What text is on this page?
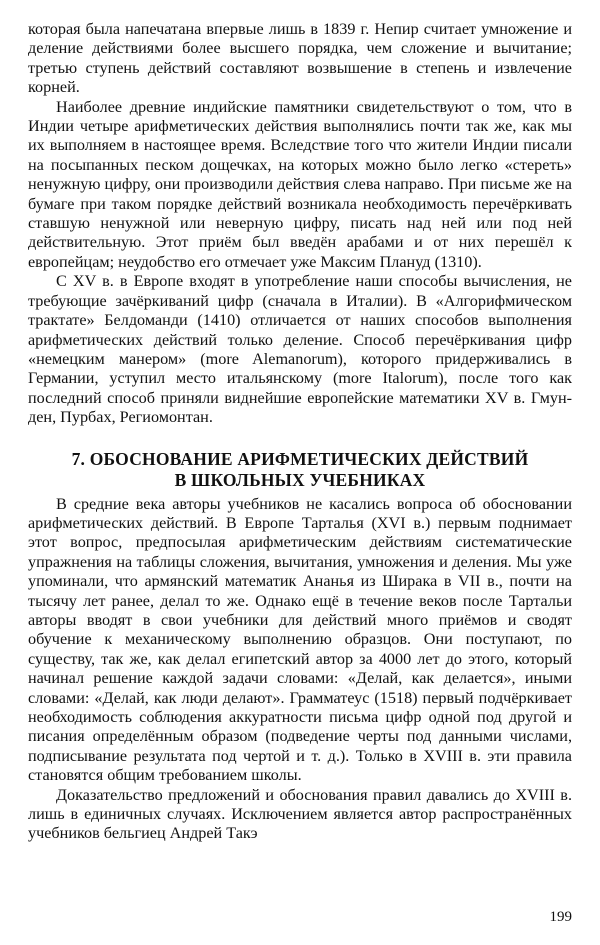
которая была напечатана впервые лишь в 1839 г. Непир считает умножение и деление действиями более высшего порядка, чем сложение и вычитание; третью ступень действий составляют возвышение в степень и извлечение корней.

Наиболее древние индийские памятники свидетельствуют о том, что в Индии четыре арифметических действия выполнялись почти так же, как мы их выполняем в настоящее время. Вследствие того что жители Индии писали на посыпанных песком дощечках, на которых можно было легко «стереть» ненужную цифру, они производили действия слева направо. При письме же на бумаге при таком порядке действий возникала необходимость перечёркивать ставшую ненужной или неверную цифру, писать над ней или под ней действительную. Этот приём был введён арабами и от них перешёл к европейцам; неудобство его отмечает уже Максим Плануд (1310).

С XV в. в Европе входят в употребление наши способы вычисления, не требующие зачёркиваний цифр (сначала в Италии). В «Алгорифмическом трактате» Белдоманди (1410) отличается от наших способов выполнения арифметических действий только деление. Способ перечёркивания цифр «немецким манером» (more Alemanorum), которого придерживались в Германии, уступил место итальянскому (more Italorum), после того как последний способ приняли виднейшие европейские математики XV в. Гмунден, Пурбах, Региомонтан.

7. ОБОСНОВАНИЕ АРИФМЕТИЧЕСКИХ ДЕЙСТВИЙ
В ШКОЛЬНЫХ УЧЕБНИКАХ

В средние века авторы учебников не касались вопроса об обосновании арифметических действий. В Европе Тарталья (XVI в.) первым поднимает этот вопрос, предпосылая арифметическим действиям систематические упражнения на таблицы сложения, вычитания, умножения и деления. Мы уже упоминали, что армянский математик Ананья из Ширака в VII в., почти на тысячу лет ранее, делал то же. Однако ещё в течение веков после Тартальи авторы вводят в свои учебники для действий много приёмов и сводят обучение к механическому выполнению образцов. Они поступают, по существу, так же, как делал египетский автор за 4000 лет до этого, который начинал решение каждой задачи словами: «Делай, как делается», иными словами: «Делай, как люди делают». Грамматеус (1518) первый подчёркивает необходимость соблюдения аккуратности письма цифр одной под другой и писания определённым образом (подведение черты под данными числами, подписывание результата под чертой и т. д.). Только в XVIII в. эти правила становятся общим требованием школы.

Доказательство предложений и обоснования правил давались до XVIII в. лишь в единичных случаях. Исключением является автор распространённых учебников бельгиец Андрей Такэ

199
